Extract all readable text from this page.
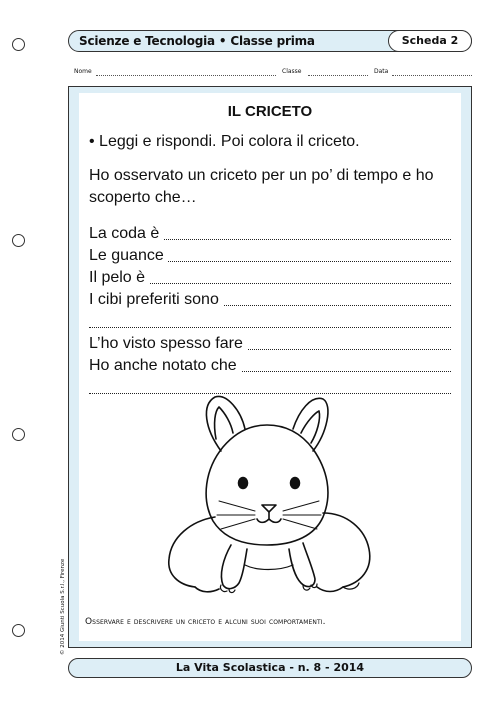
Scienze e Tecnologia • Classe prima	Scheda 2
Nome	Classe	Data
IL CRICETO
• Leggi e rispondi. Poi colora il criceto.
Ho osservato un criceto per un po’ di tempo e ho scoperto che…
La coda è
Le guance
Il pelo è
I cibi preferiti sono
L’ho visto spesso fare
Ho anche notato che
Osservare e descrivere un criceto e alcuni suoi comportamenti.
© 2014 Giunti Scuola S.r.l., Firenze
La Vita Scolastica - n. 8 - 2014
